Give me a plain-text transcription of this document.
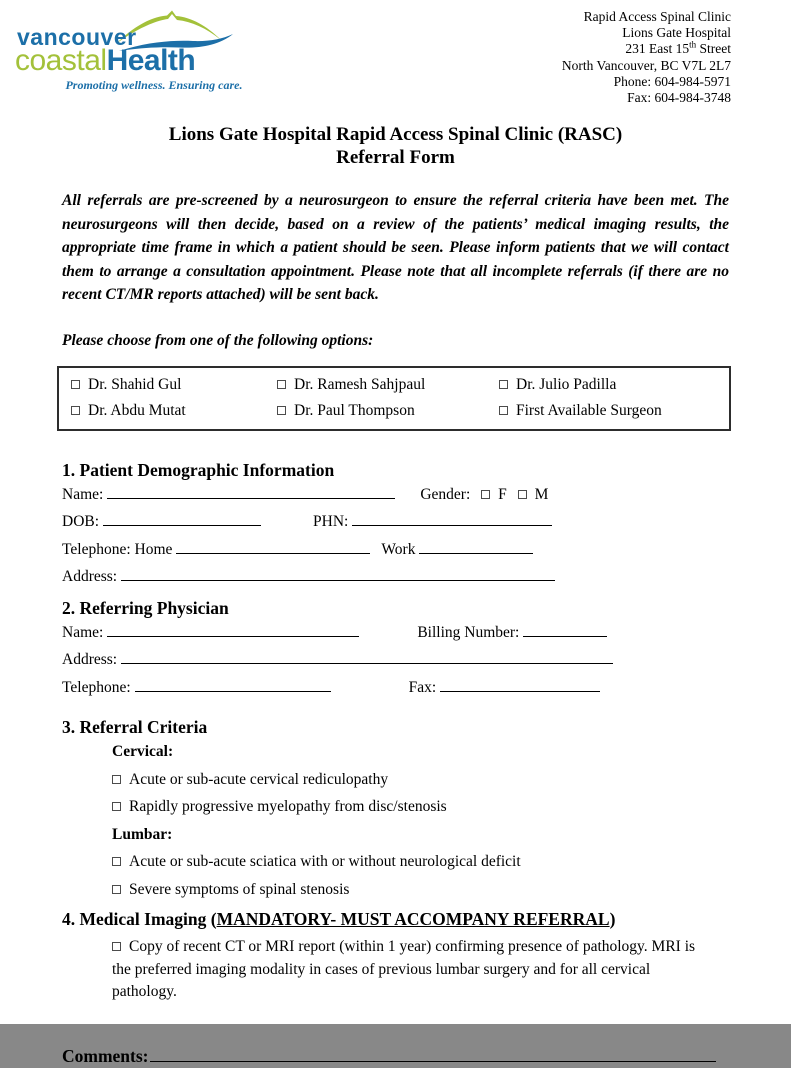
vancouver
coastalHealth
Promoting wellness. Ensuring care.
Rapid Access Spinal Clinic
Lions Gate Hospital
231 East 15th Street
North Vancouver, BC V7L 2L7
Phone: 604-984-5971
Fax: 604-984-3748
Lions Gate Hospital Rapid Access Spinal Clinic (RASC)
Referral Form

All referrals are pre-screened by a neurosurgeon to ensure the referral criteria have been met. The neurosurgeons will then decide, based on a review of the patients’ medical imaging results, the appropriate time frame in which a patient should be seen. Please inform patients that we will contact them to arrange a consultation appointment. Please note that all incomplete referrals (if there are no recent CT/MR reports attached) will be sent back.

Please choose from one of the following options:
Dr. Shahid Gul	Dr. Ramesh Sahjpaul	Dr. Julio Padilla
Dr. Abdu Mutat	Dr. Paul Thompson	First Available Surgeon
1. Patient Demographic Information
Name:	Gender: F M
DOB:	PHN:
Telephone: Home	Work
Address:
2. Referring Physician
Name:	Billing Number:
Address:
Telephone:	Fax:
3. Referral Criteria
Cervical:
Acute or sub-acute cervical rediculopathy
Rapidly progressive myelopathy from disc/stenosis
Lumbar:
Acute or sub-acute sciatica with or without neurological deficit
Severe symptoms of spinal stenosis
4. Medical Imaging (MANDATORY- MUST ACCOMPANY REFERRAL)
Copy of recent CT or MRI report (within 1 year) confirming presence of pathology. MRI is the preferred imaging modality in cases of previous lumbar surgery and for all cervical pathology.
Comments:
